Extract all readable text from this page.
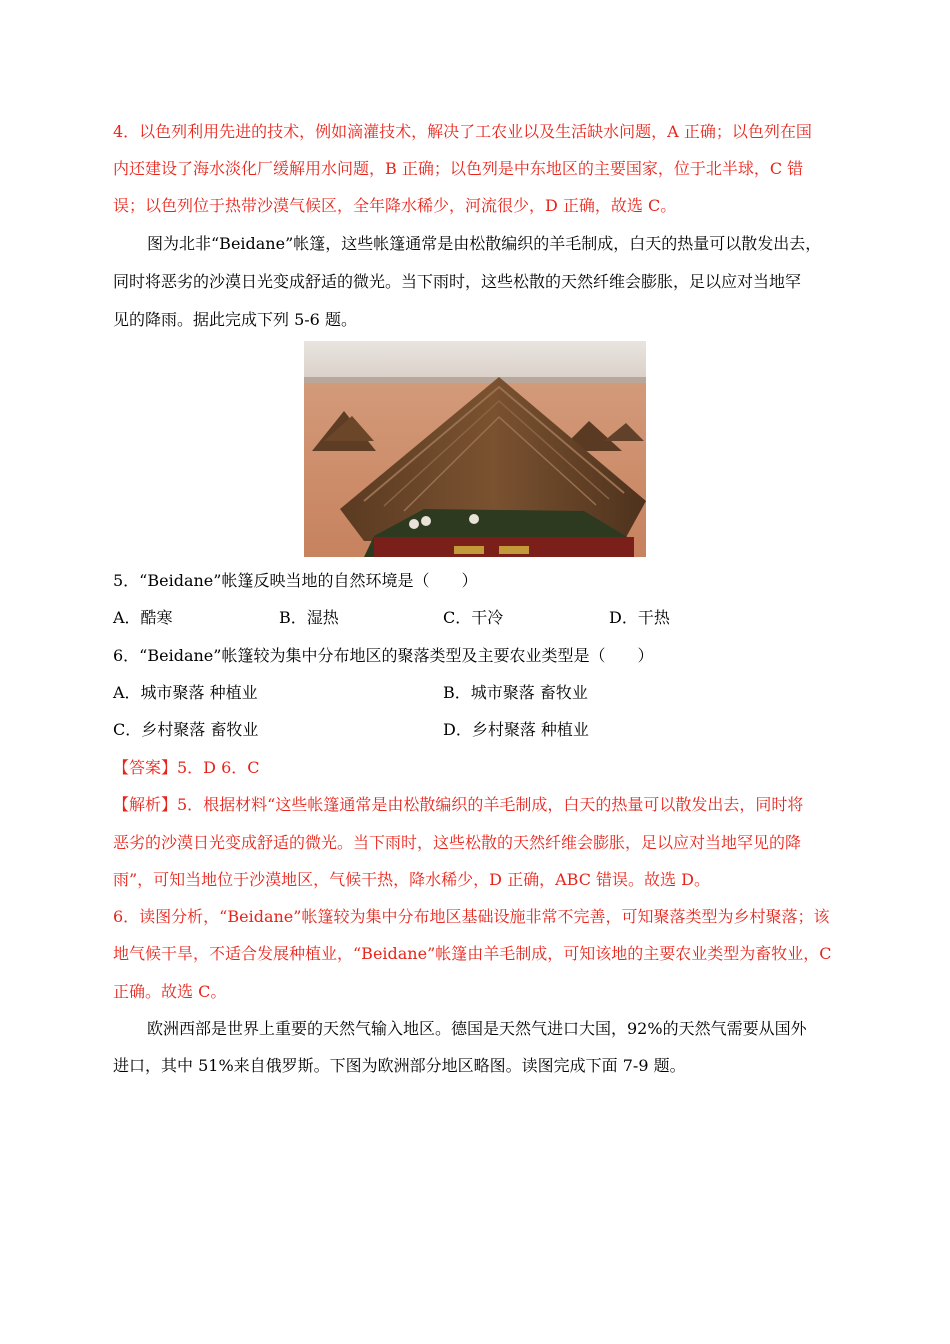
4．以色列利用先进的技术，例如滴灌技术，解决了工农业以及生活缺水问题，A 正确；以色列在国
内还建设了海水淡化厂缓解用水问题，B 正确；以色列是中东地区的主要国家，位于北半球，C 错
误；以色列位于热带沙漠气候区，全年降水稀少，河流很少，D 正确，故选 C。
图为北非“Beidane”帐篷，这些帐篷通常是由松散编织的羊毛制成，白天的热量可以散发出去，
同时将恶劣的沙漠日光变成舒适的微光。当下雨时，这些松散的天然纤维会膨胀，足以应对当地罕
见的降雨。据此完成下列 5-6 题。
5．“Beidane”帐篷反映当地的自然环境是（　　）
A．酷寒	B．湿热	C．干冷	D．干热
6．“Beidane”帐篷较为集中分布地区的聚落类型及主要农业类型是（　　）
A．城市聚落 种植业	B．城市聚落 畜牧业
C．乡村聚落 畜牧业	D．乡村聚落 种植业
【答案】5．D 6．C
【解析】5．根据材料“这些帐篷通常是由松散编织的羊毛制成，白天的热量可以散发出去，同时将
恶劣的沙漠日光变成舒适的微光。当下雨时，这些松散的天然纤维会膨胀，足以应对当地罕见的降
雨”，可知当地位于沙漠地区，气候干热，降水稀少，D 正确，ABC 错误。故选 D。
6．读图分析，“Beidane”帐篷较为集中分布地区基础设施非常不完善，可知聚落类型为乡村聚落；该
地气候干旱，不适合发展种植业，“Beidane”帐篷由羊毛制成，可知该地的主要农业类型为畜牧业，C
正确。故选 C。
欧洲西部是世界上重要的天然气输入地区。德国是天然气进口大国，92%的天然气需要从国外
进口，其中 51%来自俄罗斯。下图为欧洲部分地区略图。读图完成下面 7-9 题。
